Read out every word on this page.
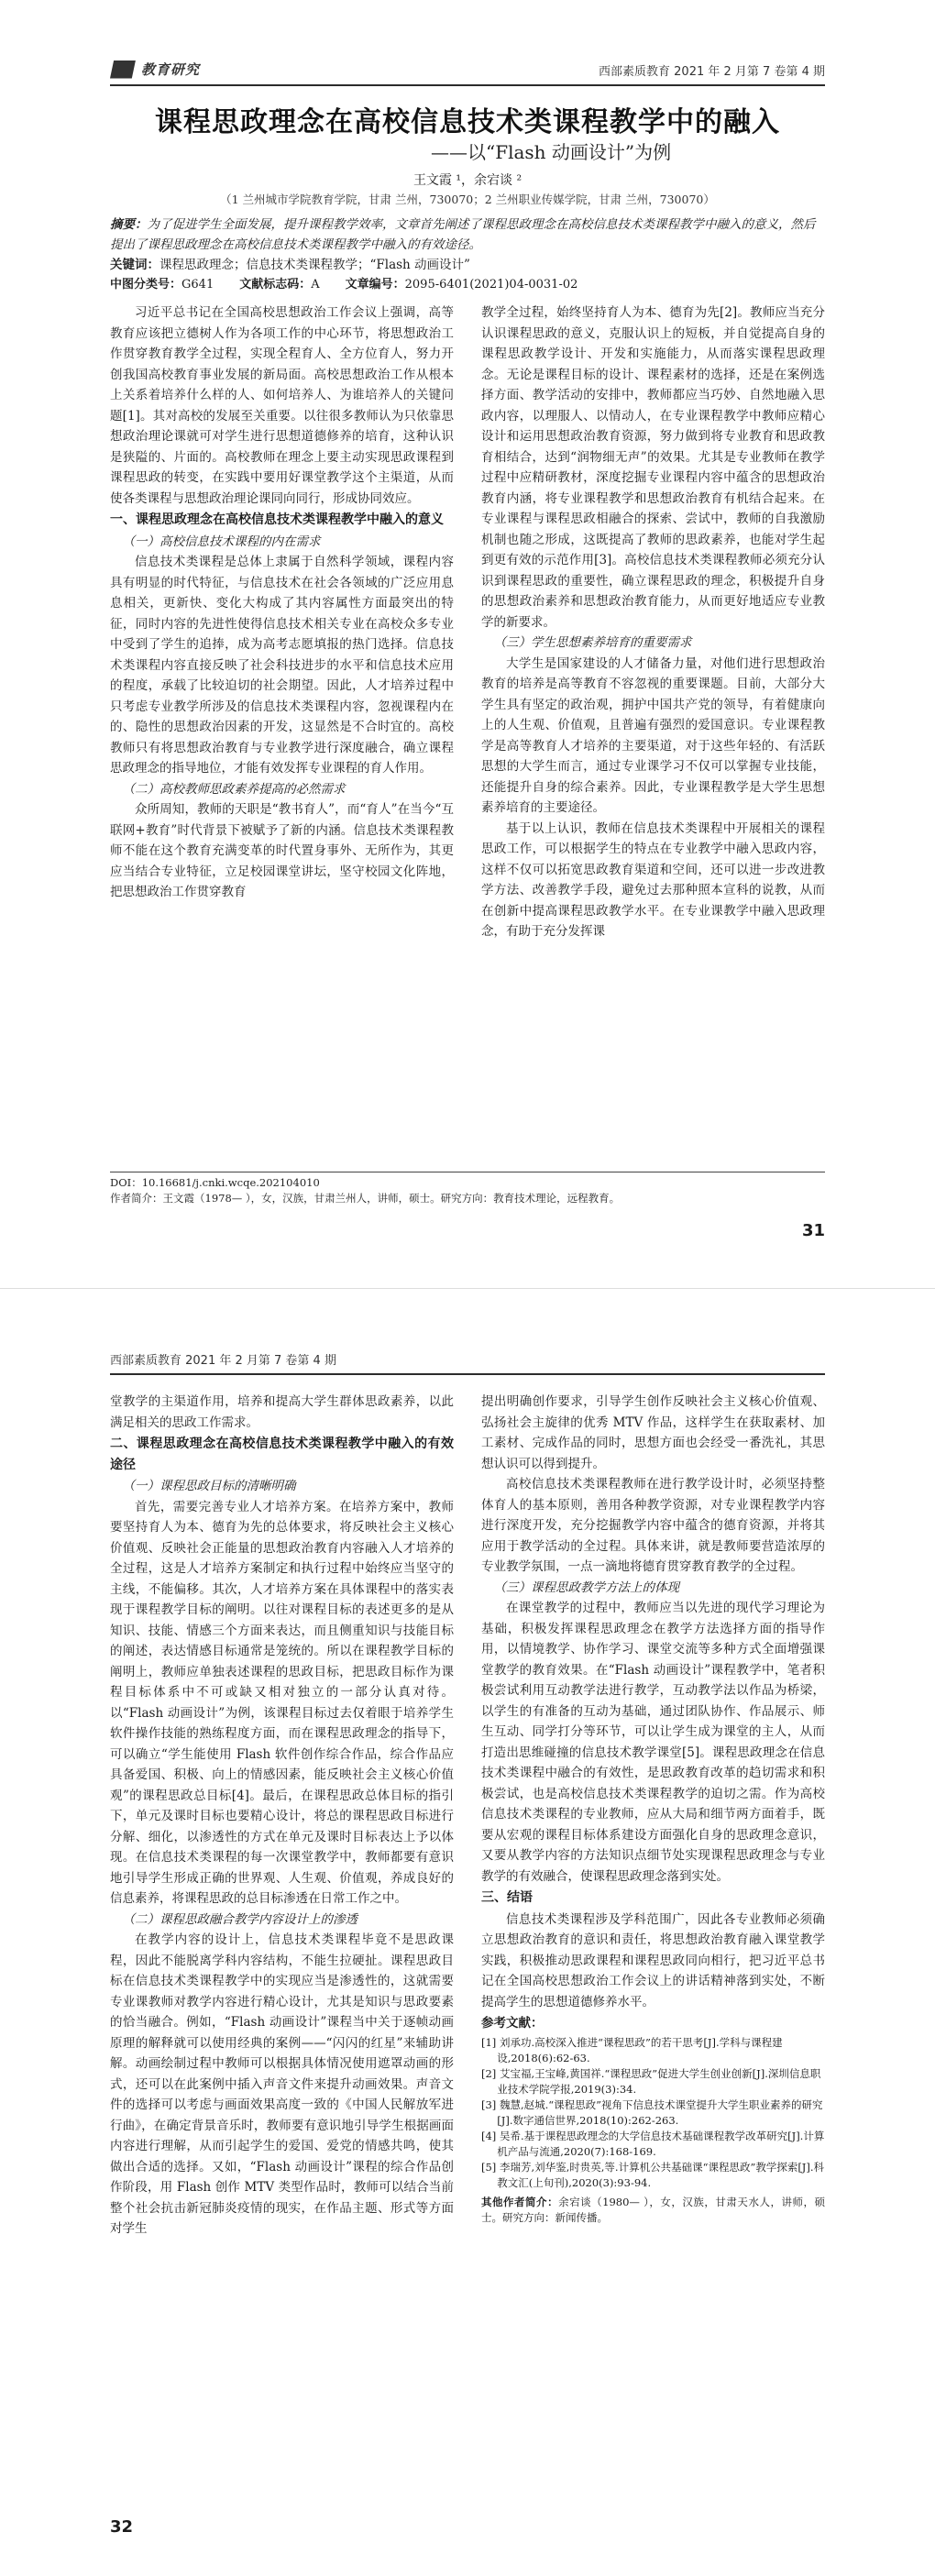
教育研究	西部素质教育 2021 年 2 月第 7 卷第 4 期
课程思政理念在高校信息技术类课程教学中的融入
——以“Flash 动画设计”为例
王文霞 ¹，余宕谈 ²
（1 兰州城市学院教育学院，甘肃 兰州，730070；2 兰州职业传媒学院，甘肃 兰州，730070）
摘要：为了促进学生全面发展，提升课程教学效率，文章首先阐述了课程思政理念在高校信息技术类课程教学中融入的意义，然后提出了课程思政理念在高校信息技术类课程教学中融入的有效途径。
关键词：课程思政理念；信息技术类课程教学；“Flash 动画设计”
中图分类号：G641 文献标志码：A 文章编号：2095-6401(2021)04-0031-02

习近平总书记在全国高校思想政治工作会议上强调，高等教育应该把立德树人作为各项工作的中心环节，将思想政治工作贯穿教育教学全过程，实现全程育人、全方位育人，努力开创我国高校教育事业发展的新局面。高校思想政治工作从根本上关系着培养什么样的人、如何培养人、为谁培养人的关键问题[1]。其对高校的发展至关重要。以往很多教师认为只依靠思想政治理论课就可对学生进行思想道德修养的培育，这种认识是狭隘的、片面的。高校教师在理念上要主动实现思政课程到课程思政的转变，在实践中要用好课堂教学这个主渠道，从而使各类课程与思想政治理论课同向同行，形成协同效应。

一、课程思政理念在高校信息技术类课程教学中融入的意义
（一）高校信息技术课程的内在需求

信息技术类课程是总体上隶属于自然科学领域，课程内容具有明显的时代特征，与信息技术在社会各领域的广泛应用息息相关，更新快、变化大构成了其内容属性方面最突出的特征，同时内容的先进性使得信息技术相关专业在高校众多专业中受到了学生的追捧，成为高考志愿填报的热门选择。信息技术类课程内容直接反映了社会科技进步的水平和信息技术应用的程度，承载了比较迫切的社会期望。因此，人才培养过程中只考虑专业教学所涉及的信息技术类课程内容，忽视课程内在的、隐性的思想政治因素的开发，这显然是不合时宜的。高校教师只有将思想政治教育与专业教学进行深度融合，确立课程思政理念的指导地位，才能有效发挥专业课程的育人作用。

（二）高校教师思政素养提高的必然需求

众所周知，教师的天职是“教书育人”，而“育人”在当今“互联网+教育”时代背景下被赋予了新的内涵。信息技术类课程教师不能在这个教育充满变革的时代置身事外、无所作为，其更应当结合专业特征，立足校园课堂讲坛，坚守校园文化阵地，把思想政治工作贯穿教育

教学全过程，始终坚持育人为本、德育为先[2]。教师应当充分认识课程思政的意义，克服认识上的短板，并自觉提高自身的课程思政教学设计、开发和实施能力，从而落实课程思政理念。无论是课程目标的设计、课程素材的选择，还是在案例选择方面、教学活动的安排中，教师都应当巧妙、自然地融入思政内容，以理服人、以情动人，在专业课程教学中教师应精心设计和运用思想政治教育资源，努力做到将专业教育和思政教育相结合，达到“润物细无声”的效果。尤其是专业教师在教学过程中应精研教材，深度挖掘专业课程内容中蕴含的思想政治教育内涵，将专业课程教学和思想政治教育有机结合起来。在专业课程与课程思政相融合的探索、尝试中，教师的自我激励机制也随之形成，这既提高了教师的思政素养，也能对学生起到更有效的示范作用[3]。高校信息技术类课程教师必须充分认识到课程思政的重要性，确立课程思政的理念，积极提升自身的思想政治素养和思想政治教育能力，从而更好地适应专业教学的新要求。

（三）学生思想素养培育的重要需求

大学生是国家建设的人才储备力量，对他们进行思想政治教育的培养是高等教育不容忽视的重要课题。目前，大部分大学生具有坚定的政治观，拥护中国共产党的领导，有着健康向上的人生观、价值观，且普遍有强烈的爱国意识。专业课程教学是高等教育人才培养的主要渠道，对于这些年轻的、有活跃思想的大学生而言，通过专业课学习不仅可以掌握专业技能，还能提升自身的综合素养。因此，专业课程教学是大学生思想素养培育的主要途径。

基于以上认识，教师在信息技术类课程中开展相关的课程思政工作，可以根据学生的特点在专业教学中融入思政内容，这样不仅可以拓宽思政教育渠道和空间，还可以进一步改进教学方法、改善教学手段，避免过去那种照本宣科的说教，从而在创新中提高课程思政教学水平。在专业课教学中融入思政理念，有助于充分发挥课

DOI：10.16681/j.cnki.wcqe.202104010
作者简介：王文霞（1978— ），女，汉族，甘肃兰州人，讲师，硕士。研究方向：教育技术理论，远程教育。
31
西部素质教育 2021 年 2 月第 7 卷第 4 期

堂教学的主渠道作用，培养和提高大学生群体思政素养，以此满足相关的思政工作需求。

二、课程思政理念在高校信息技术类课程教学中融入的有效途径
（一）课程思政目标的清晰明确

首先，需要完善专业人才培养方案。在培养方案中，教师要坚持育人为本、德育为先的总体要求，将反映社会主义核心价值观、反映社会正能量的思想政治教育内容融入人才培养的全过程，这是人才培养方案制定和执行过程中始终应当坚守的主线，不能偏移。其次，人才培养方案在具体课程中的落实表现于课程教学目标的阐明。以往对课程目标的表述更多的是从知识、技能、情感三个方面来表达，而且侧重知识与技能目标的阐述，表达情感目标通常是笼统的。所以在课程教学目标的阐明上，教师应单独表述课程的思政目标，把思政目标作为课程目标体系中不可或缺又相对独立的一部分认真对待。以“Flash 动画设计”为例，该课程目标过去仅着眼于培养学生软件操作技能的熟练程度方面，而在课程思政理念的指导下，可以确立“学生能使用 Flash 软件创作综合作品，综合作品应具备爱国、积极、向上的情感因素，能反映社会主义核心价值观”的课程思政总目标[4]。最后，在课程思政总体目标的指引下，单元及课时目标也要精心设计，将总的课程思政目标进行分解、细化，以渗透性的方式在单元及课时目标表达上予以体现。在信息技术类课程的每一次课堂教学中，教师都要有意识地引导学生形成正确的世界观、人生观、价值观，养成良好的信息素养，将课程思政的总目标渗透在日常工作之中。

（二）课程思政融合教学内容设计上的渗透

在教学内容的设计上，信息技术类课程毕竟不是思政课程，因此不能脱离学科内容结构，不能生拉硬扯。课程思政目标在信息技术类课程教学中的实现应当是渗透性的，这就需要专业课教师对教学内容进行精心设计，尤其是知识与思政要素的恰当融合。例如，“Flash 动画设计”课程当中关于逐帧动画原理的解释就可以使用经典的案例——“闪闪的红星”来辅助讲解。动画绘制过程中教师可以根据具体情况使用遮罩动画的形式，还可以在此案例中插入声音文件来提升动画效果。声音文件的选择可以考虑与画面效果高度一致的《中国人民解放军进行曲》，在确定背景音乐时，教师要有意识地引导学生根据画面内容进行理解，从而引起学生的爱国、爱党的情感共鸣，使其做出合适的选择。又如，“Flash 动画设计”课程的综合作品创作阶段，用 Flash 创作 MTV 类型作品时，教师可以结合当前整个社会抗击新冠肺炎疫情的现实，在作品主题、形式等方面对学生

提出明确创作要求，引导学生创作反映社会主义核心价值观、弘扬社会主旋律的优秀 MTV 作品，这样学生在获取素材、加工素材、完成作品的同时，思想方面也会经受一番洗礼，其思想认识可以得到提升。

高校信息技术类课程教师在进行教学设计时，必须坚持整体育人的基本原则，善用各种教学资源，对专业课程教学内容进行深度开发，充分挖掘教学内容中蕴含的德育资源，并将其应用于教学活动的全过程。具体来讲，就是教师要营造浓厚的专业教学氛围，一点一滴地将德育贯穿教育教学的全过程。

（三）课程思政教学方法上的体现

在课堂教学的过程中，教师应当以先进的现代学习理论为基础，积极发挥课程思政理念在教学方法选择方面的指导作用，以情境教学、协作学习、课堂交流等多种方式全面增强课堂教学的教育效果。在“Flash 动画设计”课程教学中，笔者积极尝试利用互动教学法进行教学，互动教学法以作品为桥梁，以学生的有准备的互动为基础，通过团队协作、作品展示、师生互动、同学打分等环节，可以让学生成为课堂的主人，从而打造出思维碰撞的信息技术教学课堂[5]。课程思政理念在信息技术类课程中融合的有效性，是思政教育改革的趋切需求和积极尝试，也是高校信息技术类课程教学的迫切之需。作为高校信息技术类课程的专业教师，应从大局和细节两方面着手，既要从宏观的课程目标体系建设方面强化自身的思政理念意识，又要从教学内容的方法知识点细节处实现课程思政理念与专业教学的有效融合，使课程思政理念落到实处。

三、结语

信息技术类课程涉及学科范围广，因此各专业教师必须确立思想政治教育的意识和责任，将思想政治教育融入课堂教学实践，积极推动思政课程和课程思政同向相行，把习近平总书记在全国高校思想政治工作会议上的讲话精神落到实处，不断提高学生的思想道德修养水平。

参考文献：
[1] 刘承功.高校深入推进“课程思政”的若干思考[J].学科与课程建设,2018(6):62-63.
[2] 艾宝福,王宝峰,黄国祥.“课程思政”促进大学生创业创新[J].深圳信息职业技术学院学报,2019(3):34.
[3] 魏慧,赵城.“课程思政”视角下信息技术课堂提升大学生职业素养的研究[J].数字通信世界,2018(10):262-263.
[4] 吴希.基于课程思政理念的大学信息技术基础课程教学改革研究[J].计算机产品与流通,2020(7):168-169.
[5] 李瑞芳,刘华鉴,时贵英,等.计算机公共基础课“课程思政”教学探索[J].科教文汇(上旬刊),2020(3):93-94.
其他作者简介：余宕谈（1980— ），女，汉族，甘肃天水人，讲师，硕士。研究方向：新闻传播。
32
